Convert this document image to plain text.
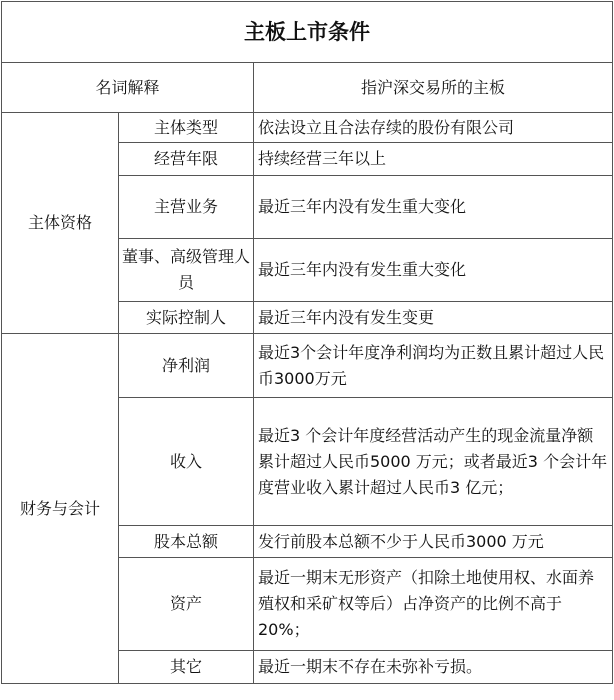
主板上市条件		
名词解释		指沪深交易所的主板
主体资格	主体类型	依法设立且合法存续的股份有限公司
	经营年限	持续经营三年以上
	主营业务	最近三年内没有发生重大变化
	董事、高级管理人员	最近三年内没有发生重大变化
	实际控制人	最近三年内没有发生变更
财务与会计	净利润	最近3个会计年度净利润均为正数且累计超过人民币3000万元
	收入	最近3 个会计年度经营活动产生的现金流量净额累计超过人民币5000 万元；或者最近3 个会计年度营业收入累计超过人民币3 亿元；
	股本总额	发行前股本总额不少于人民币3000 万元
	资产	最近一期末无形资产（扣除土地使用权、水面养殖权和采矿权等后）占净资产的比例不高于20%；
	其它	最近一期末不存在未弥补亏损。
